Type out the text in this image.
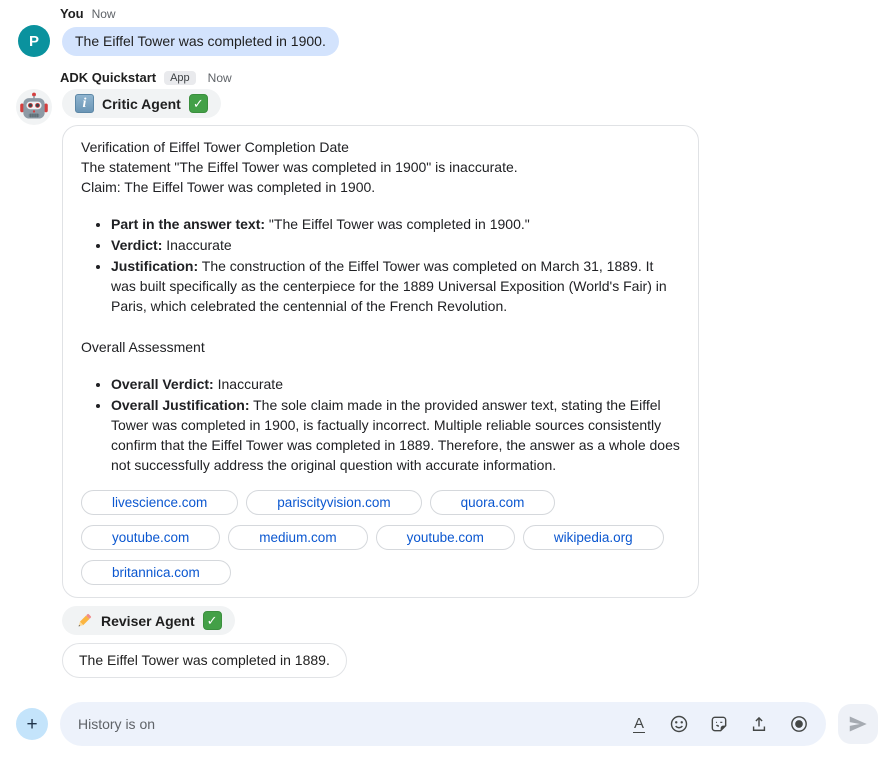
You Now
P	The Eiffel Tower was completed in 1900.
ADK Quickstart	App	Now
i	Critic Agent ✓
Verification of Eiffel Tower Completion Date
The statement "The Eiffel Tower was completed in 1900" is inaccurate.
Claim: The Eiffel Tower was completed in 1900.
• Part in the answer text: "The Eiffel Tower was completed in 1900."
• Verdict: Inaccurate
• Justification: The construction of the Eiffel Tower was completed on March 31, 1889. It was built specifically as the centerpiece for the 1889 Universal Exposition (World's Fair) in Paris, which celebrated the centennial of the French Revolution.
Overall Assessment
• Overall Verdict: Inaccurate
• Overall Justification: The sole claim made in the provided answer text, stating the Eiffel Tower was completed in 1900, is factually incorrect. Multiple reliable sources consistently confirm that the Eiffel Tower was completed in 1889. Therefore, the answer as a whole does not successfully address the original question with accurate information.
livescience.com	pariscityvision.com	quora.com
youtube.com	medium.com	youtube.com	wikipedia.org
britannica.com
Reviser Agent ✓
The Eiffel Tower was completed in 1889.
+
History is on	A
